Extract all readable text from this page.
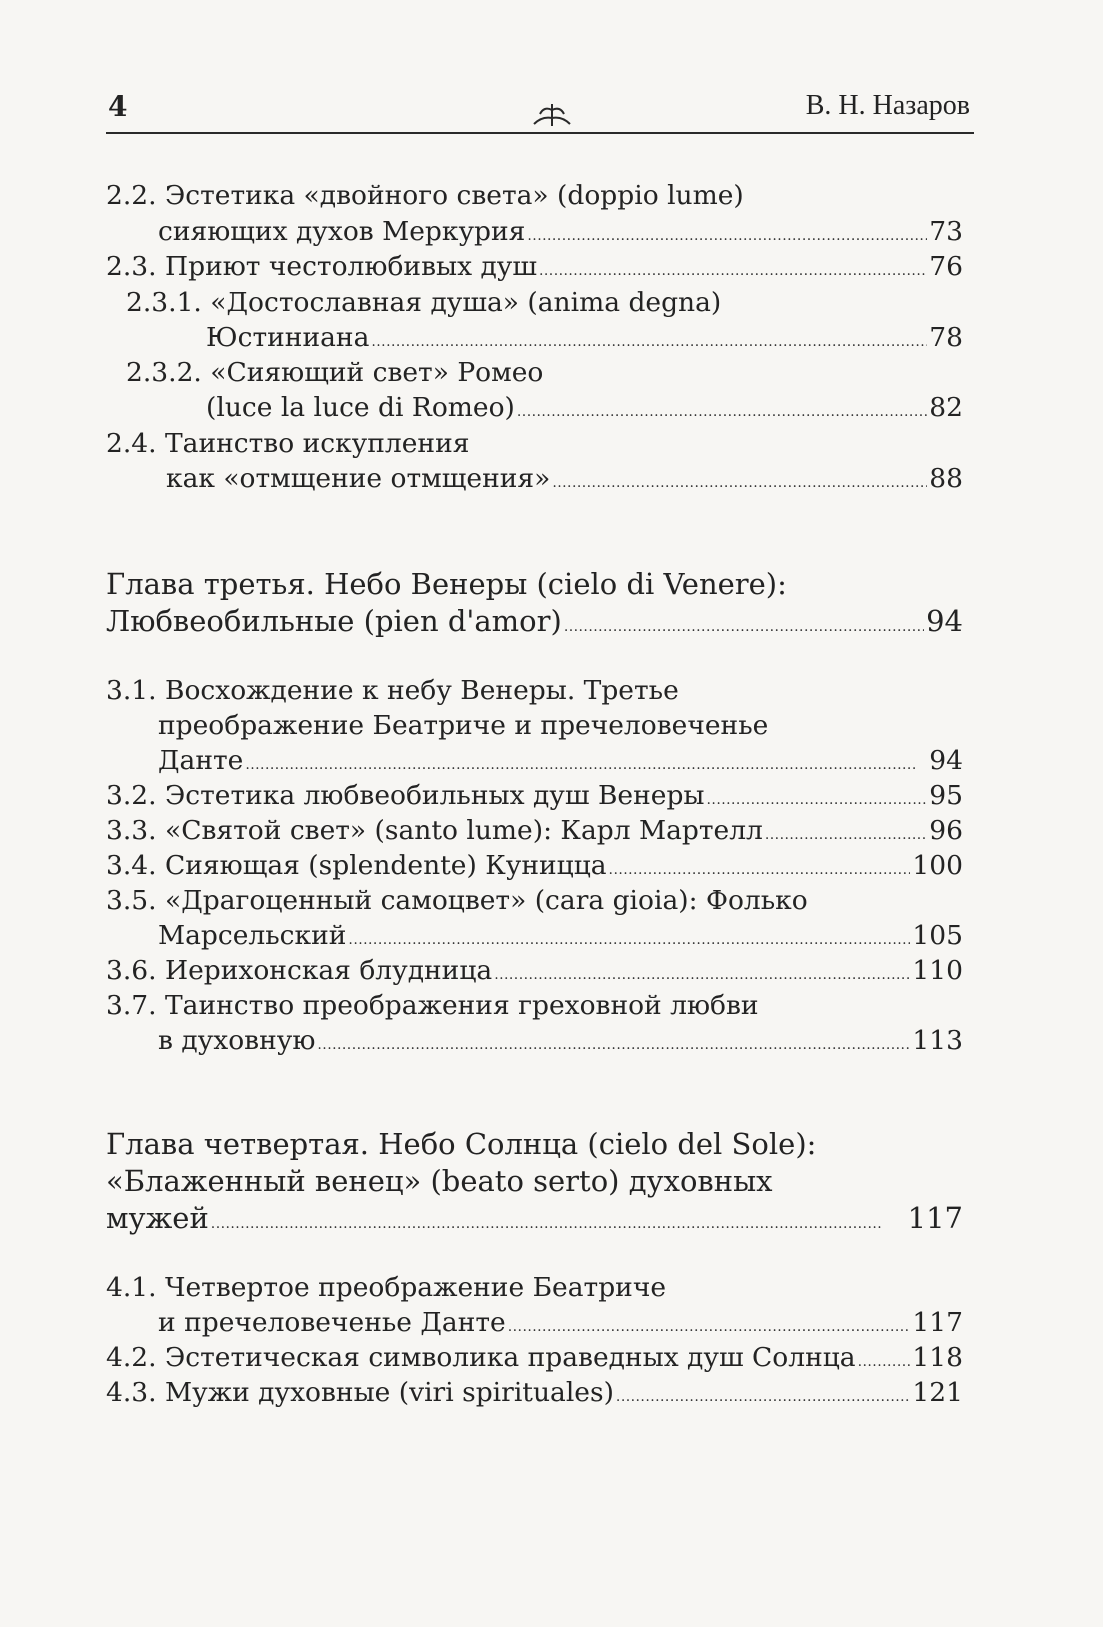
4	В. Н. Назаров
2.2. Эстетика «двойного света» (doppio lume)
сияющих духов Меркурия . . .	73
2.3. Приют честолюбивых душ . . .	76
2.3.1. «Достославная душа» (anima degna)
Юстиниана . . .	78
2.3.2. «Сияющий свет» Ромео
(luce la luce di Romeo) . . .	82
2.4. Таинство искупления
как «отмщение отмщения» . . .	88
Глава третья. Небо Венеры (cielo di Venere):
Любвеобильные (pien d'amor) . . .	94
3.1. Восхождение к небу Венеры. Третье
преображение Беатриче и пречеловеченье
Данте . . .	94
3.2. Эстетика любвеобильных душ Венеры . . .	95
3.3. «Святой свет» (santo lume): Карл Мартелл . . .	96
3.4. Сияющая (splendente) Куницца . . .	100
3.5. «Драгоценный самоцвет» (cara gioia): Фолько
Марсельский . . .	105
3.6. Иерихонская блудница . . .	110
3.7. Таинство преображения греховной любви
в духовную . . .	113
Глава четвертая. Небо Солнца (cielo del Sole):
«Блаженный венец» (beato serto) духовных
мужей . . .	117
4.1. Четвертое преображение Беатриче
и пречеловеченье Данте . . .	117
4.2. Эстетическая символика праведных душ Солнца . . . 118
4.3. Мужи духовные (viri spirituales) . . .	121
